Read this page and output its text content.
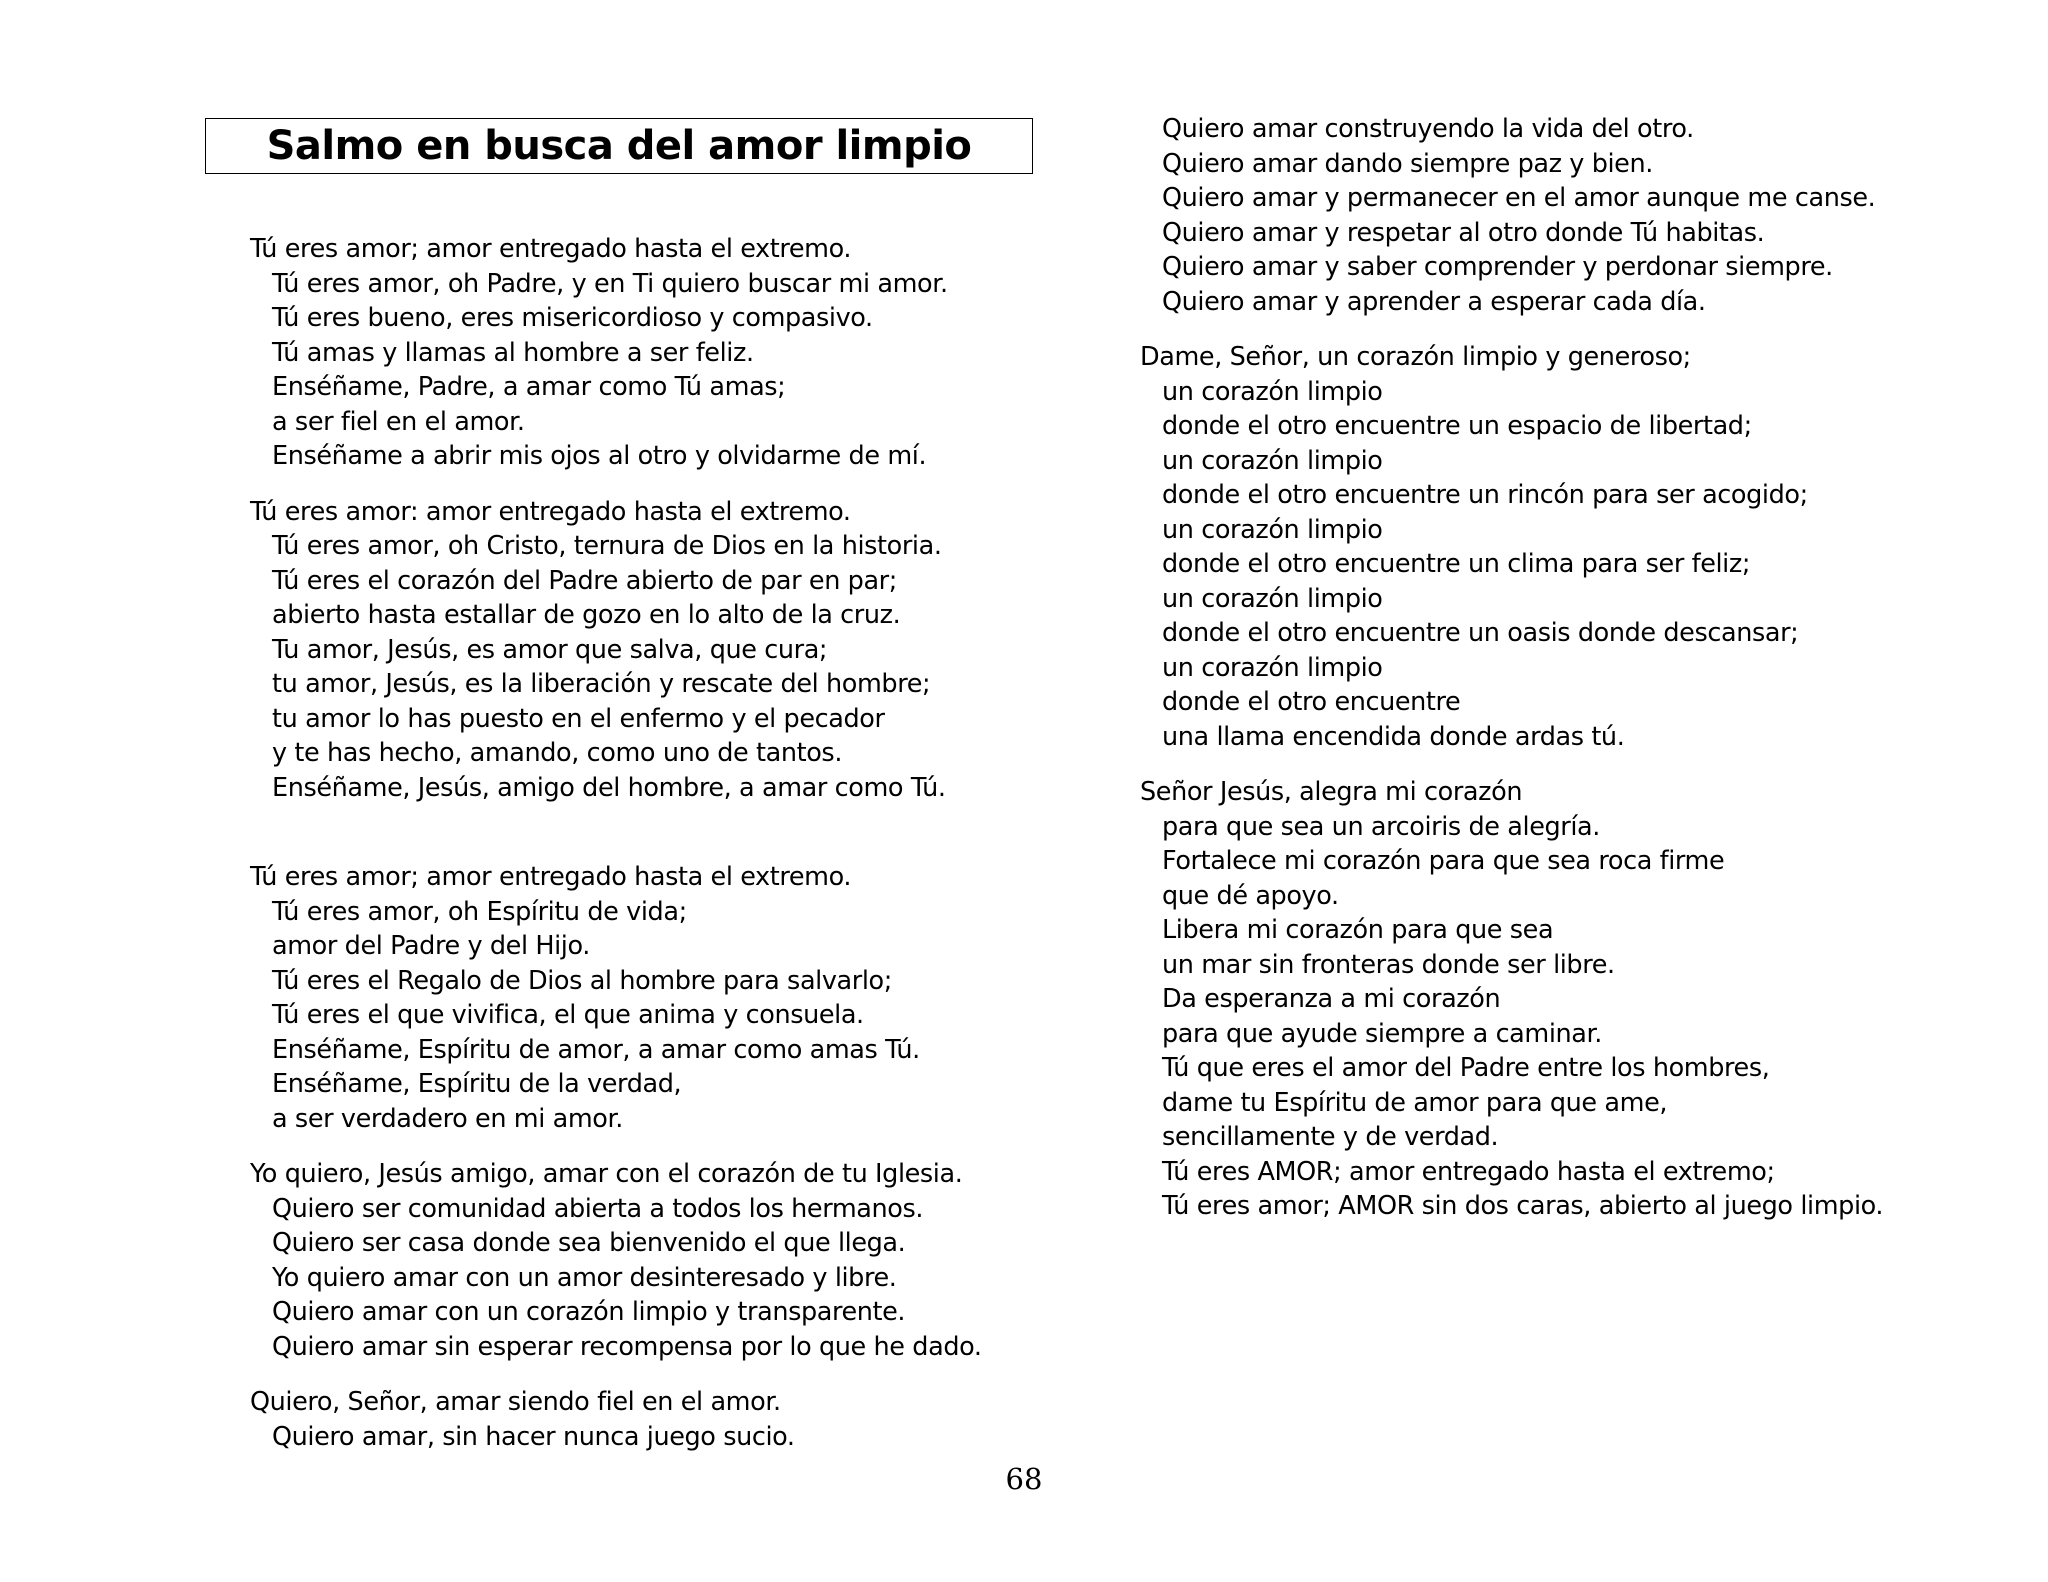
Salmo en busca del amor limpio
Tú eres amor; amor entregado hasta el extremo.
Tú eres amor, oh Padre, y en Ti quiero buscar mi amor.
Tú eres bueno, eres misericordioso y compasivo.
Tú amas y llamas al hombre a ser feliz.
Enséñame, Padre, a amar como Tú amas;
a ser fiel en el amor.
Enséñame a abrir mis ojos al otro y olvidarme de mí.
Tú eres amor: amor entregado hasta el extremo.
Tú eres amor, oh Cristo, ternura de Dios en la historia.
Tú eres el corazón del Padre abierto de par en par;
abierto hasta estallar de gozo en lo alto de la cruz.
Tu amor, Jesús, es amor que salva, que cura;
tu amor, Jesús, es la liberación y rescate del hombre;
tu amor lo has puesto en el enfermo y el pecador
y te has hecho, amando, como uno de tantos.
Enséñame, Jesús, amigo del hombre, a amar como Tú.
Tú eres amor; amor entregado hasta el extremo.
Tú eres amor, oh Espíritu de vida;
amor del Padre y del Hijo.
Tú eres el Regalo de Dios al hombre para salvarlo;
Tú eres el que vivifica, el que anima y consuela.
Enséñame, Espíritu de amor, a amar como amas Tú.
Enséñame, Espíritu de la verdad,
a ser verdadero en mi amor.
Yo quiero, Jesús amigo, amar con el corazón de tu Iglesia.
Quiero ser comunidad abierta a todos los hermanos.
Quiero ser casa donde sea bienvenido el que llega.
Yo quiero amar con un amor desinteresado y libre.
Quiero amar con un corazón limpio y transparente.
Quiero amar sin esperar recompensa por lo que he dado.
Quiero, Señor, amar siendo fiel en el amor.
Quiero amar, sin hacer nunca juego sucio.
Quiero amar construyendo la vida del otro.
Quiero amar dando siempre paz y bien.
Quiero amar y permanecer en el amor aunque me canse.
Quiero amar y respetar al otro donde Tú habitas.
Quiero amar y saber comprender y perdonar siempre.
Quiero amar y aprender a esperar cada día.
Dame, Señor, un corazón limpio y generoso;
un corazón limpio
donde el otro encuentre un espacio de libertad;
un corazón limpio
donde el otro encuentre un rincón para ser acogido;
un corazón limpio
donde el otro encuentre un clima para ser feliz;
un corazón limpio
donde el otro encuentre un oasis donde descansar;
un corazón limpio
donde el otro encuentre
una llama encendida donde ardas tú.
Señor Jesús, alegra mi corazón
para que sea un arcoiris de alegría.
Fortalece mi corazón para que sea roca firme
que dé apoyo.
Libera mi corazón para que sea
un mar sin fronteras donde ser libre.
Da esperanza a mi corazón
para que ayude siempre a caminar.
Tú que eres el amor del Padre entre los hombres,
dame tu Espíritu de amor para que ame,
sencillamente y de verdad.
Tú eres AMOR; amor entregado hasta el extremo;
Tú eres amor; AMOR sin dos caras, abierto al juego limpio.
68
